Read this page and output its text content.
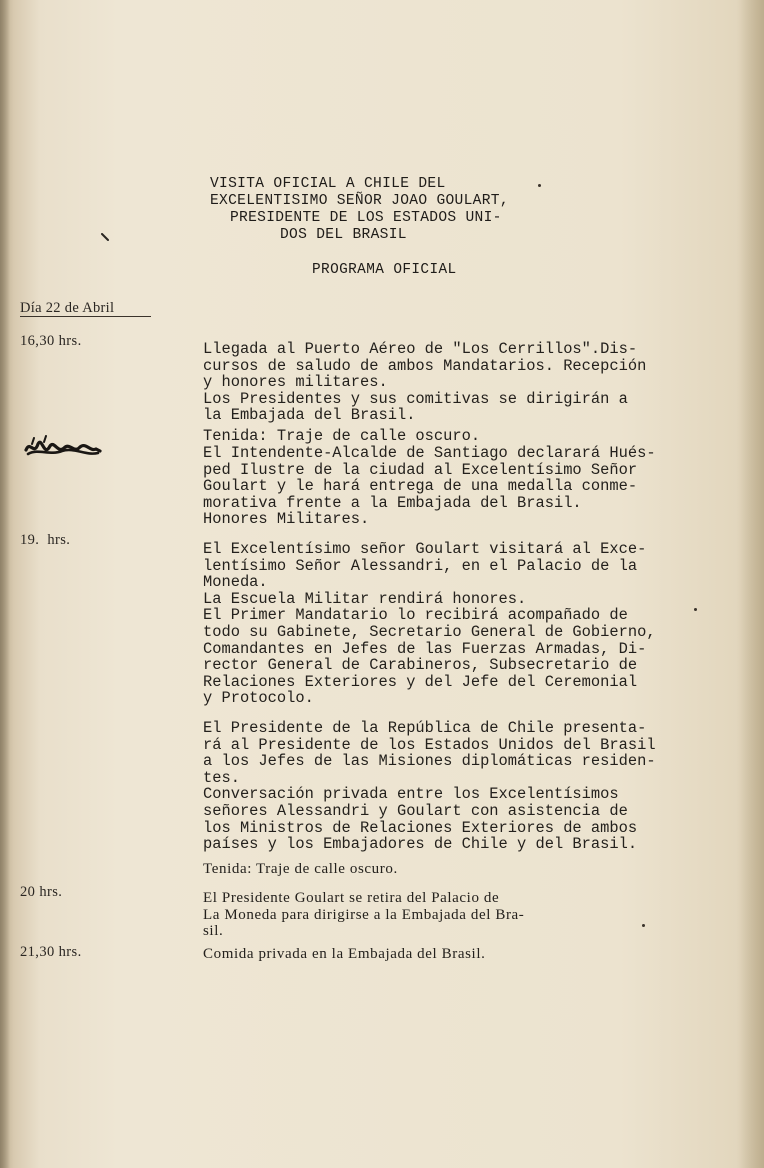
VISITA OFICIAL A CHILE DEL
EXCELENTISIMO SEÑOR JOAO GOULART,
PRESIDENTE DE LOS ESTADOS UNI-
DOS DEL BRASIL
PROGRAMA OFICIAL
Día 22 de Abril
16,30 hrs.	Llegada al Puerto Aéreo de "Los Cerrillos".Dis-
cursos de saludo de ambos Mandatarios. Recepción
y honores militares.
Los Presidentes y sus comitivas se dirigirán a
la Embajada del Brasil.
Tenida: Traje de calle oscuro.
El Intendente-Alcalde de Santiago declarará Hués-
ped Ilustre de la ciudad al Excelentísimo Señor
Goulart y le hará entrega de una medalla conme-
morativa frente a la Embajada del Brasil.
Honores Militares.
19.  hrs.	El Excelentísimo señor Goulart visitará al Exce-
lentísimo Señor Alessandri, en el Palacio de la
Moneda.
La Escuela Militar rendirá honores.
El Primer Mandatario lo recibirá acompañado de
todo su Gabinete, Secretario General de Gobierno,
Comandantes en Jefes de las Fuerzas Armadas, Di-
rector General de Carabineros, Subsecretario de
Relaciones Exteriores y del Jefe del Ceremonial
y Protocolo.
El Presidente de la República de Chile presenta-
rá al Presidente de los Estados Unidos del Brasil
a los Jefes de las Misiones diplomáticas residen-
tes.
Conversación privada entre los Excelentísimos
señores Alessandri y Goulart con asistencia de
los Ministros de Relaciones Exteriores de ambos
países y los Embajadores de Chile y del Brasil.
Tenida: Traje de calle oscuro.
20 hrs.	El Presidente Goulart se retira del Palacio de
La Moneda para dirigirse a la Embajada del Bra-
sil.
21,30 hrs.	Comida privada en la Embajada del Brasil.
